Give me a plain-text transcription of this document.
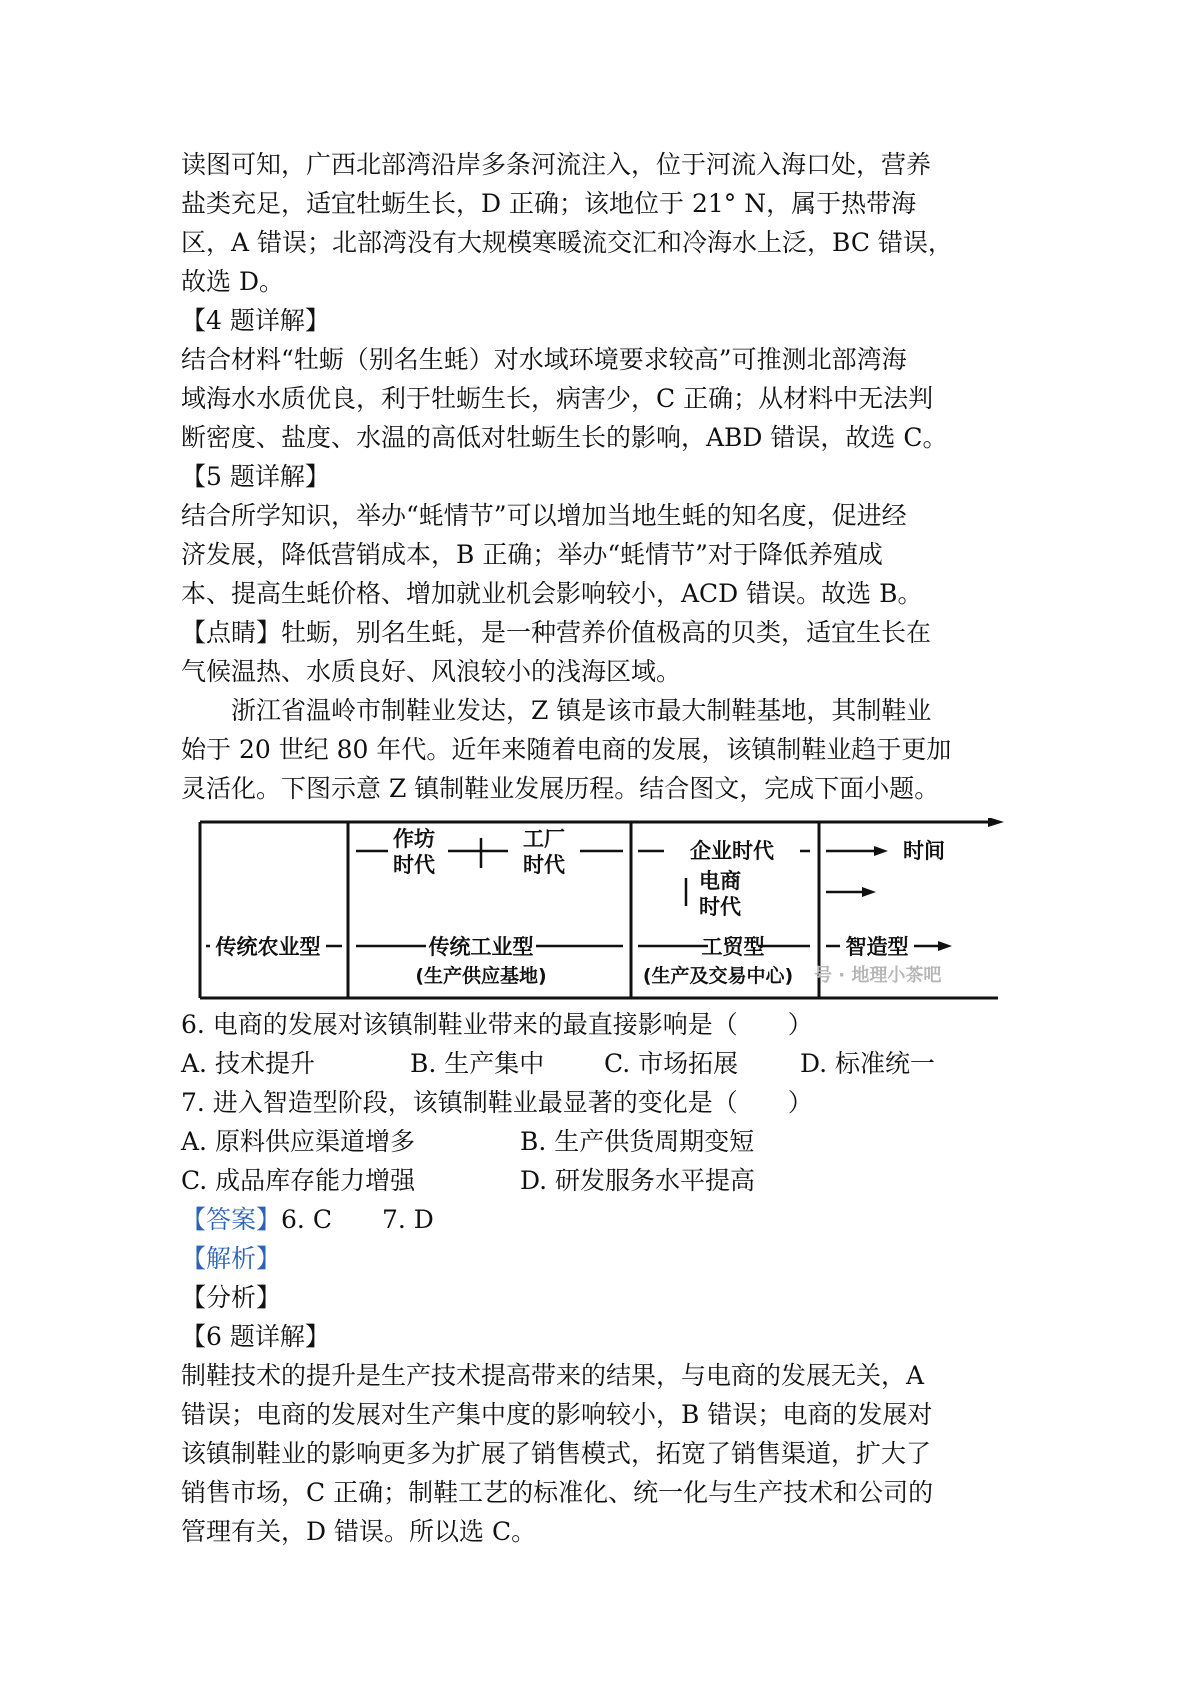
读图可知，广西北部湾沿岸多条河流注入，位于河流入海口处，营养
盐类充足，适宜牡蛎生长，D 正确；该地位于 21° N，属于热带海
区，A 错误；北部湾没有大规模寒暖流交汇和冷海水上泛，BC 错误，
故选 D。
【4 题详解】
结合材料“牡蛎（别名生蚝）对水域环境要求较高”可推测北部湾海
域海水水质优良，利于牡蛎生长，病害少，C 正确；从材料中无法判
断密度、盐度、水温的高低对牡蛎生长的影响，ABD 错误，故选 C。
【5 题详解】
结合所学知识，举办“蚝情节”可以增加当地生蚝的知名度，促进经
济发展，降低营销成本，B 正确；举办“蚝情节”对于降低养殖成
本、提高生蚝价格、增加就业机会影响较小，ACD 错误。故选 B。
【点睛】牡蛎，别名生蚝，是一种营养价值极高的贝类，适宜生长在
气候温热、水质良好、风浪较小的浅海区域。
浙江省温岭市制鞋业发达，Z 镇是该市最大制鞋基地，其制鞋业
始于 20 世纪 80 年代。近年来随着电商的发展，该镇制鞋业趋于更加
灵活化。下图示意 Z 镇制鞋业发展历程。结合图文，完成下面小题。
时间
作坊
时代
工厂
时代
企业时代
电商
时代
传统农业型	传统工业型
(生产供应基地)
工贸型
(生产及交易中心)
智造型
号 · 地理小茶吧
6. 电商的发展对该镇制鞋业带来的最直接影响是（　　）
A. 技术提升	B. 生产集中 C. 市场拓展 D. 标准统一
7. 进入智造型阶段，该镇制鞋业最显著的变化是（　　）
A. 原料供应渠道增多	B. 生产供货周期变短
C. 成品库存能力增强	D. 研发服务水平提高
【答案】6. C　　7. D
【解析】
【分析】
【6 题详解】
制鞋技术的提升是生产技术提高带来的结果，与电商的发展无关，A
错误；电商的发展对生产集中度的影响较小，B 错误；电商的发展对
该镇制鞋业的影响更多为扩展了销售模式，拓宽了销售渠道，扩大了
销售市场，C 正确；制鞋工艺的标准化、统一化与生产技术和公司的
管理有关，D 错误。所以选 C。
